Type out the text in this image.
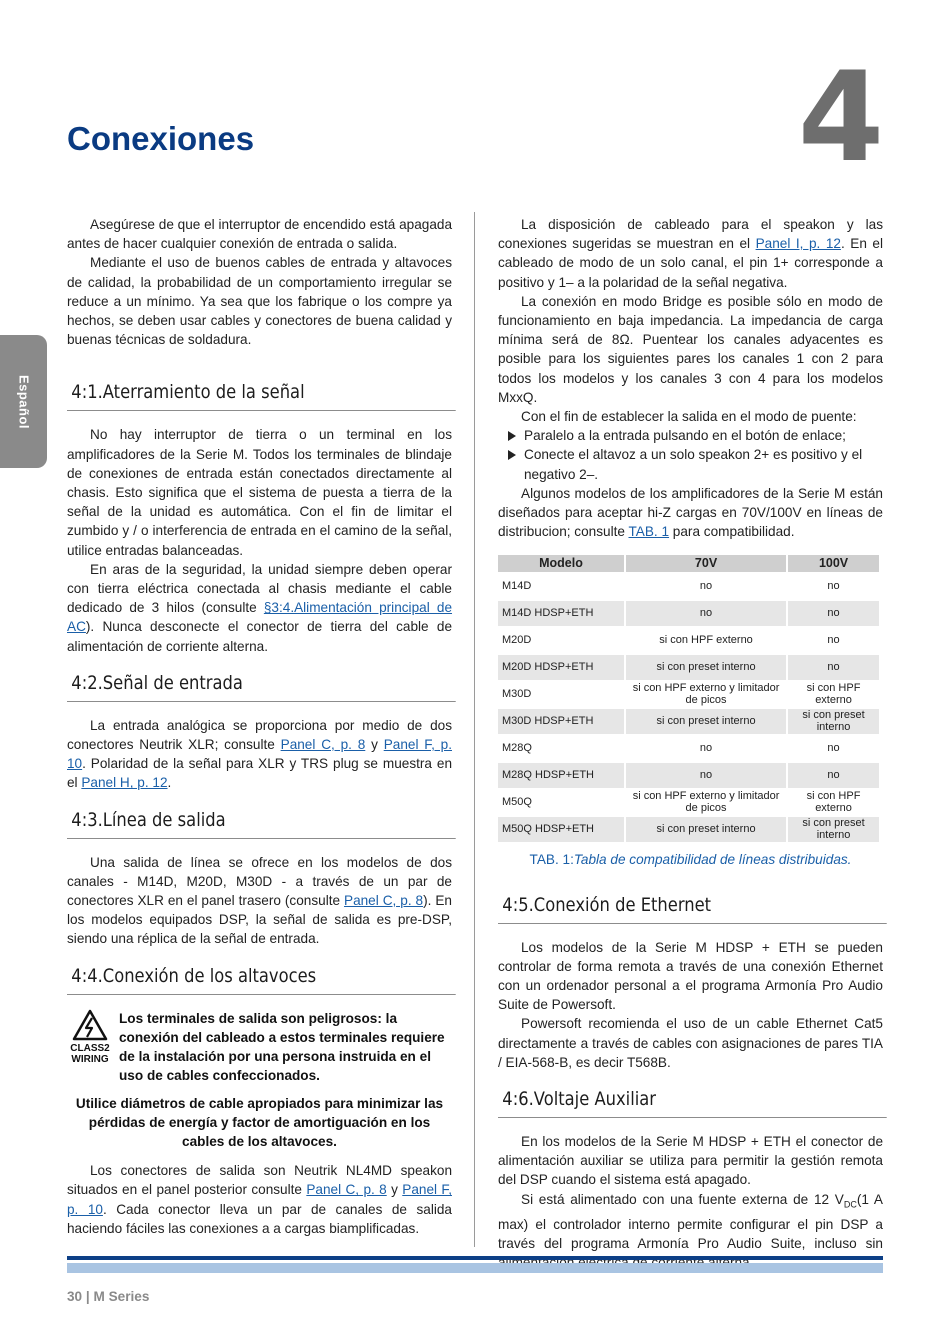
4
Conexiones
Español

Asegúrese de que el interruptor de encendido está apagada antes de hacer cualquier conexión de entrada o salida.

Mediante el uso de buenos cables de entrada y altavoces de calidad, la probabilidad de un comportamiento irregular se reduce a un mínimo. Ya sea que los fabrique o los compre ya hechos, se deben usar cables y conectores de buena calidad y buenas técnicas de soldadura.

4:1.Aterramiento de la señal

No hay interruptor de tierra o un terminal en los amplificadores de la Serie M. Todos los terminales de blindaje de conexiones de entrada están conectados directamente al chasis. Esto significa que el sistema de puesta a tierra de la señal de la unidad es automática. Con el fin de limitar el zumbido y / o interferencia de entrada en el camino de la señal, utilice entradas balanceadas.

En aras de la seguridad, la unidad siempre deben operar con tierra eléctrica conectada al chasis mediante el cable dedicado de 3 hilos (consulte §3:4.Alimentación principal de AC). Nunca desconecte el conector de tierra del cable de alimentación de corriente alterna.

4:2.Señal de entrada

La entrada analógica se proporciona por medio de dos conectores Neutrik XLR; consulte Panel C, p. 8 y Panel F, p. 10. Polaridad de la señal para XLR y TRS plug se muestra en el Panel H, p. 12.

4:3.Línea de salida

Una salida de línea se ofrece en los modelos de dos canales - M14D, M20D, M30D - a través de un par de conectores XLR en el panel trasero (consulte Panel C, p. 8). En los modelos equipados DSP, la señal de salida es pre-DSP, siendo una réplica de la señal de entrada.

4:4.Conexión de los altavoces
CLASS2
WIRING
Los terminales de salida son peligrosos: la conexión del cableado a estos terminales requiere de la instalación por una persona instruida en el uso de cables confeccionados.
Utilice diámetros de cable apropiados para minimizar las pérdidas de energía y factor de amortiguación en los cables de los altavoces.

Los conectores de salida son Neutrik NL4MD speakon situados en el panel posterior consulte Panel C, p. 8 y Panel F, p. 10. Cada conector lleva un par de canales de salida haciendo fáciles las conexiones a a cargas biamplificadas.

La disposición de cableado para el speakon y las conexiones sugeridas se muestran en el Panel I, p. 12. En el cableado de modo de un solo canal, el pin 1+ corresponde a positivo y 1– a la polaridad de la señal negativa.

La conexión en modo Bridge es posible sólo en modo de funcionamiento en baja impedancia. La impedancia de carga mínima será de 8Ω. Puentear los canales adyacentes es posible para los siguientes pares los canales 1 con 2 para todos los modelos y los canales 3 con 4 para los modelos MxxQ.

Con el fin de establecer la salida en el modo de puente:

Paralelo a la entrada pulsando en el botón de enlace;
Conecte el altavoz a un solo speakon 2+ es positivo y el negativo 2–.

Algunos modelos de los amplificadores de la Serie M están diseñados para aceptar hi-Z cargas en 70V/100V en líneas de distribucion; consulte TAB. 1 para compatibilidad.

Modelo	70V	100V
M14D	no	no
M14D HDSP+ETH	no	no
M20D	si con HPF externo	no
M20D HDSP+ETH	si con preset interno	no
M30D	si con HPF externo y limitador de picos	si con HPF externo
M30D HDSP+ETH	si con preset interno	si con preset interno
M28Q	no	no
M28Q HDSP+ETH	no	no
M50Q	si con HPF externo y limitador de picos	si con HPF externo
M50Q HDSP+ETH	si con preset interno	si con preset interno
TAB. 1:Tabla de compatibilidad de líneas distribuidas.
4:5.Conexión de Ethernet

Los modelos de la Serie M HDSP + ETH se pueden controlar de forma remota a través de una conexión Ethernet con un ordenador personal a el programa Armonía Pro Audio Suite de Powersoft.

Powersoft recomienda el uso de un cable Ethernet Cat5 directamente a través de cables con asignaciones de pares TIA / EIA-568-B, es decir T568B.

4:6.Voltaje Auxiliar

En los modelos de la Serie M HDSP + ETH el conector de alimentación auxiliar se utiliza para permitir la gestión remota del DSP cuando el sistema está apagado.

Si está alimentado con una fuente externa de 12 $V_{DC}(1$ A max) el controlador interno permite configurar el pin DSP a través del programa Armonía Pro Audio Suite, incluso sin

30 | M Series
